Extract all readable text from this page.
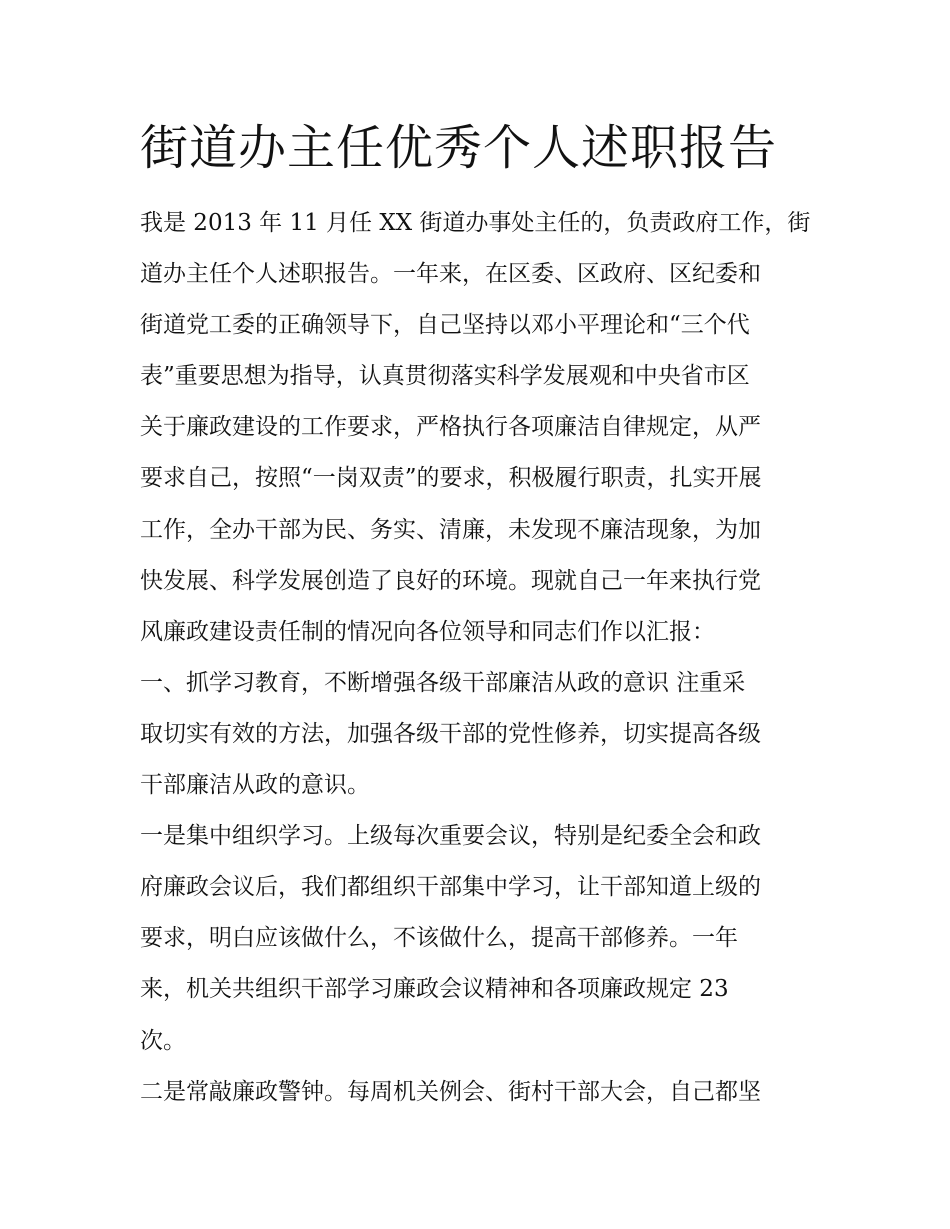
街道办主任优秀个人述职报告
我是 2013 年 11 月任 XX 街道办事处主任的，负责政府工作，街
道办主任个人述职报告。一年来，在区委、区政府、区纪委和
街道党工委的正确领导下，自己坚持以邓小平理论和“三个代
表”重要思想为指导，认真贯彻落实科学发展观和中央省市区
关于廉政建设的工作要求，严格执行各项廉洁自律规定，从严
要求自己，按照“一岗双责”的要求，积极履行职责，扎实开展
工作，全办干部为民、务实、清廉，未发现不廉洁现象，为加
快发展、科学发展创造了良好的环境。现就自己一年来执行党
风廉政建设责任制的情况向各位领导和同志们作以汇报：
一、抓学习教育，不断增强各级干部廉洁从政的意识 注重采
取切实有效的方法，加强各级干部的党性修养，切实提高各级
干部廉洁从政的意识。
一是集中组织学习。上级每次重要会议，特别是纪委全会和政
府廉政会议后，我们都组织干部集中学习，让干部知道上级的
要求，明白应该做什么，不该做什么，提高干部修养。一年
来，机关共组织干部学习廉政会议精神和各项廉政规定 23
次。
二是常敲廉政警钟。每周机关例会、街村干部大会，自己都坚
